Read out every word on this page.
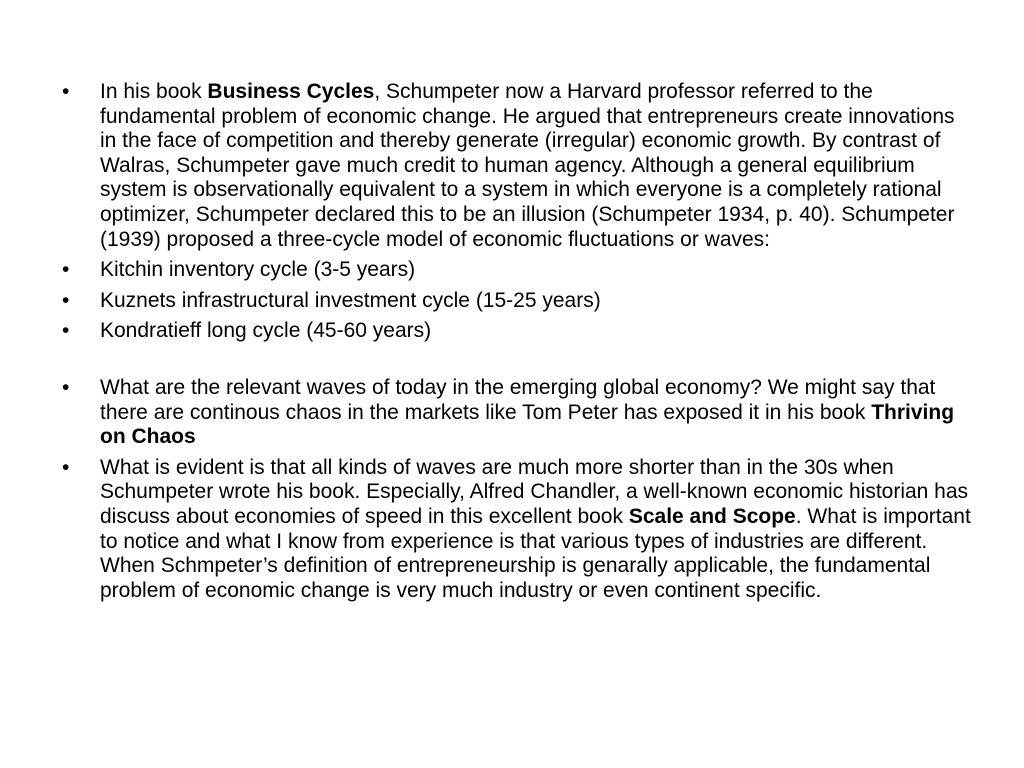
•	In his book Business Cycles, Schumpeter now a Harvard professor referred to the fundamental problem of economic change. He argued that entrepreneurs create innovations in the face of competition and thereby generate (irregular) economic growth. By contrast of Walras, Schumpeter gave much credit to human agency. Although a general equilibrium system is observationally equivalent to a system in which everyone is a completely rational optimizer, Schumpeter declared this to be an illusion (Schumpeter 1934, p. 40). Schumpeter (1939) proposed a three-cycle model of economic fluctuations or waves:
•	Kitchin inventory cycle (3-5 years)
•	Kuznets infrastructural investment cycle (15-25 years)
•	Kondratieff long cycle (45-60 years)
•	What are the relevant waves of today in the emerging global economy? We might say that there are continous chaos in the markets like Tom Peter has exposed it in his book Thriving on Chaos
•	What is evident is that all kinds of waves are much more shorter than in the 30s when Schumpeter wrote his book. Especially, Alfred Chandler, a well-known economic historian has discuss about economies of speed in this excellent book Scale and Scope. What is important to notice and what I know from experience is that various types of industries are different. When Schmpeter’s definition of entrepreneurship is genarally applicable, the fundamental problem of economic change is very much industry or even continent specific.
